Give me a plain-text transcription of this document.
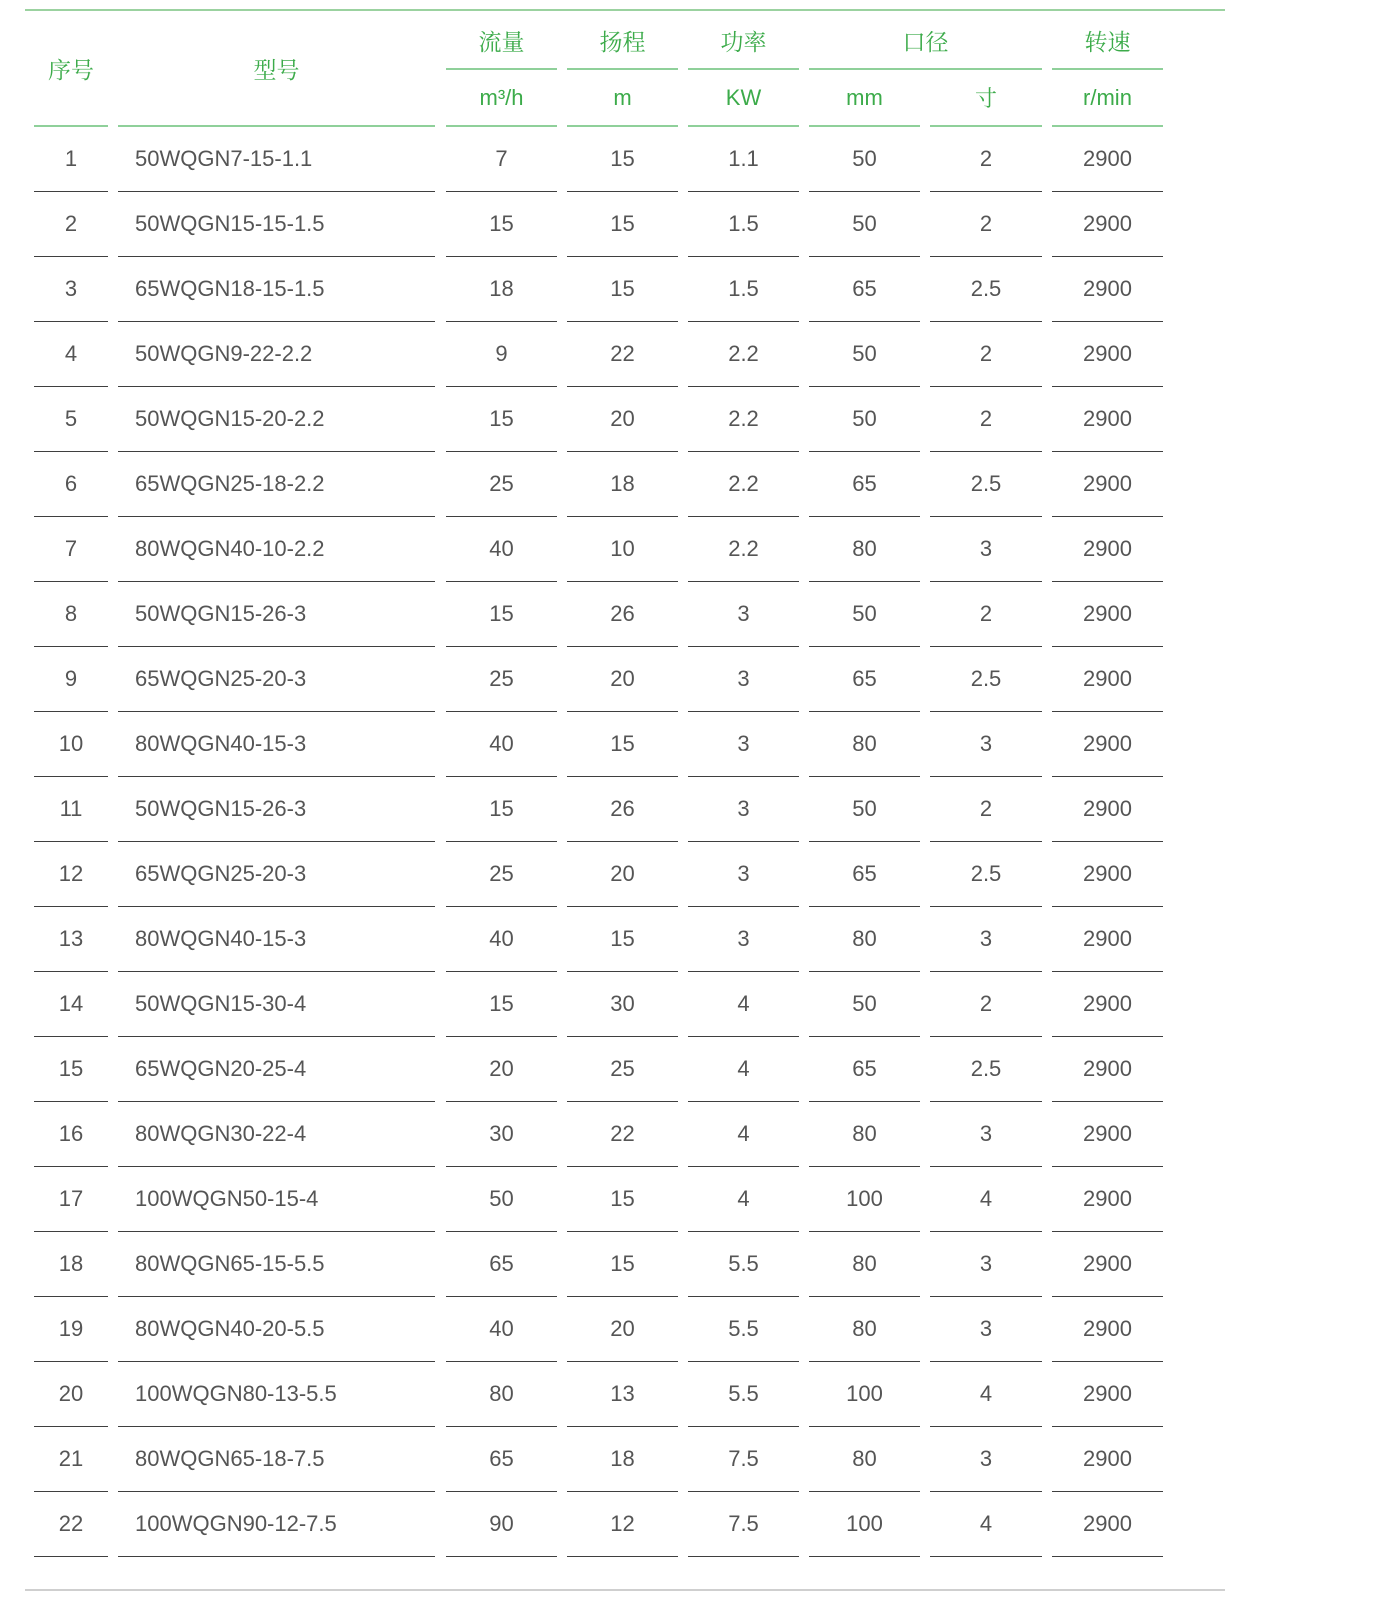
序号	型号
流量	扬程	功率	口径	转速
m³/h	m	KW	mm	寸	r/min
1	50WQGN7-15-1.1	7	15	1.1	50	2	2900
2	50WQGN15-15-1.5	15	15	1.5	50	2	2900
3	65WQGN18-15-1.5	18	15	1.5	65	2.5	2900
4	50WQGN9-22-2.2	9	22	2.2	50	2	2900
5	50WQGN15-20-2.2	15	20	2.2	50	2	2900
6	65WQGN25-18-2.2	25	18	2.2	65	2.5	2900
7	80WQGN40-10-2.2	40	10	2.2	80	3	2900
8	50WQGN15-26-3	15	26	3	50	2	2900
9	65WQGN25-20-3	25	20	3	65	2.5	2900
10	80WQGN40-15-3	40	15	3	80	3	2900
11	50WQGN15-26-3	15	26	3	50	2	2900
12	65WQGN25-20-3	25	20	3	65	2.5	2900
13	80WQGN40-15-3	40	15	3	80	3	2900
14	50WQGN15-30-4	15	30	4	50	2	2900
15	65WQGN20-25-4	20	25	4	65	2.5	2900
16	80WQGN30-22-4	30	22	4	80	3	2900
17	100WQGN50-15-4	50	15	4	100	4	2900
18	80WQGN65-15-5.5	65	15	5.5	80	3	2900
19	80WQGN40-20-5.5	40	20	5.5	80	3	2900
20	100WQGN80-13-5.5	80	13	5.5	100	4	2900
21	80WQGN65-18-7.5	65	18	7.5	80	3	2900
22	100WQGN90-12-7.5	90	12	7.5	100	4	2900
